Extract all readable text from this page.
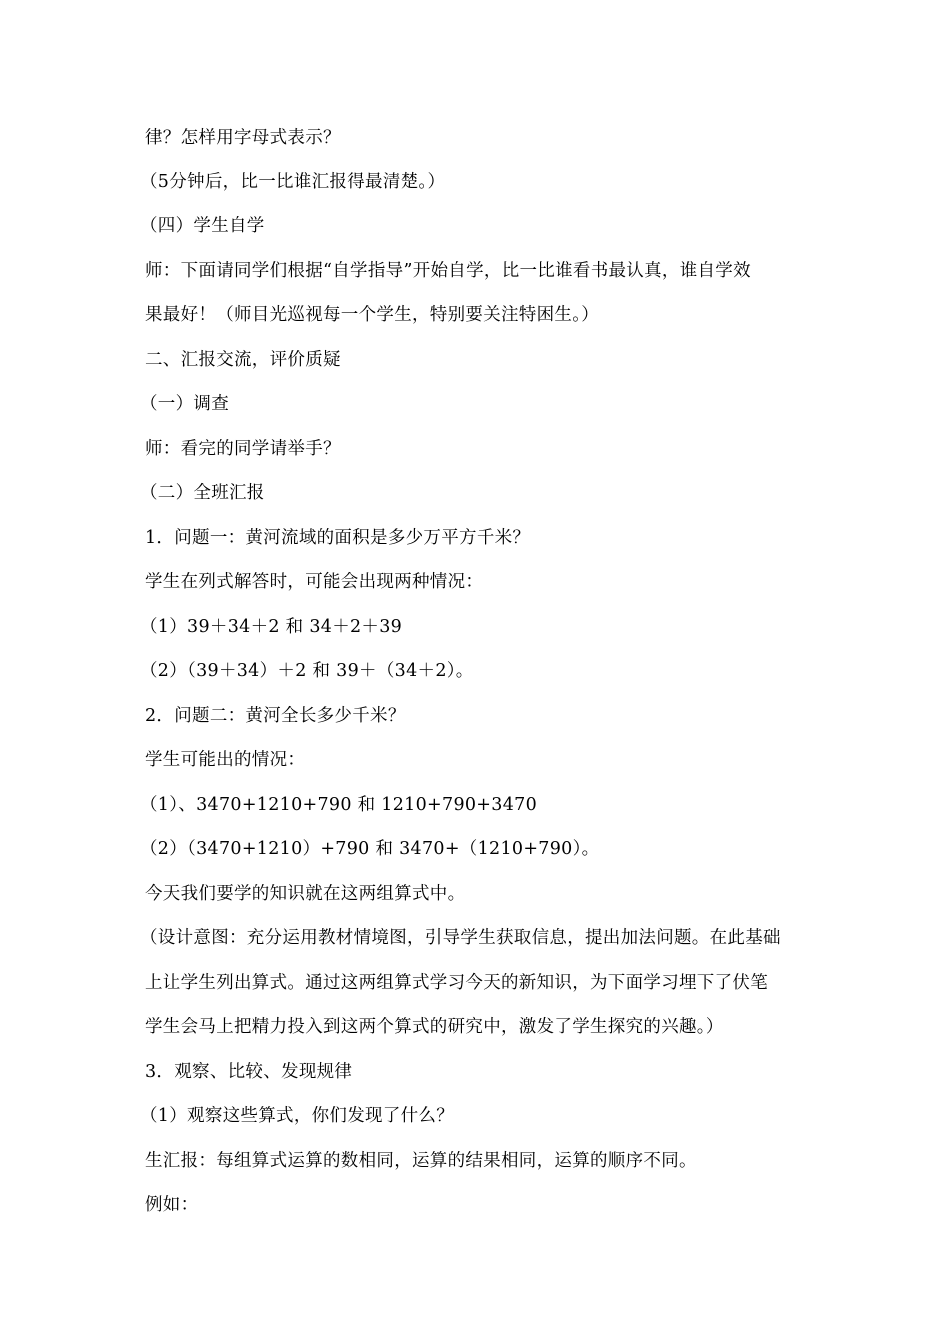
律？怎样用字母式表示？
（5分钟后，比一比谁汇报得最清楚。）
（四）学生自学
师：下面请同学们根据“自学指导”开始自学，比一比谁看书最认真，谁自学效
果最好！（师目光巡视每一个学生，特别要关注特困生。）
二、汇报交流，评价质疑
（一）调查
师：看完的同学请举手？
（二）全班汇报
1．问题一：黄河流域的面积是多少万平方千米？
学生在列式解答时，可能会出现两种情况：
（1）39＋34＋2 和 34＋2＋39
（2）（39＋34）＋2 和 39＋（34＋2）。
2．问题二：黄河全长多少千米？
学生可能出的情况：
（1）、3470+1210+790 和 1210+790+3470
（2）（3470+1210）+790 和 3470+（1210+790）。
今天我们要学的知识就在这两组算式中。
（设计意图：充分运用教材情境图，引导学生获取信息，提出加法问题。在此基础
上让学生列出算式。通过这两组算式学习今天的新知识，为下面学习埋下了伏笔
学生会马上把精力投入到这两个算式的研究中，激发了学生探究的兴趣。）
3．观察、比较、发现规律
（1）观察这些算式，你们发现了什么？
生汇报：每组算式运算的数相同，运算的结果相同，运算的顺序不同。
例如：
